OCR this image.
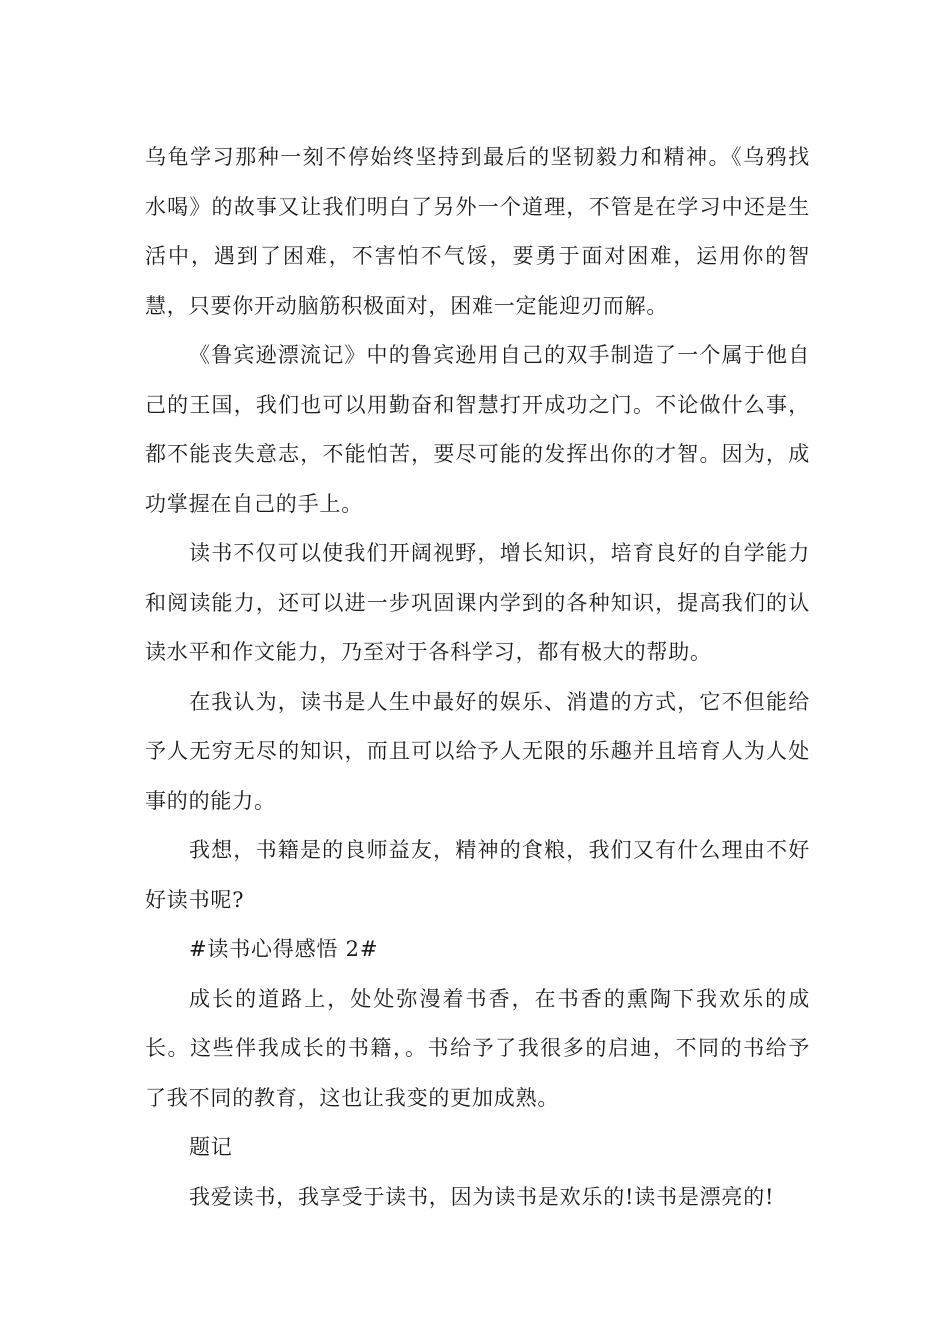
乌龟学习那种一刻不停始终坚持到最后的坚韧毅力和精神。《乌鸦找水喝》的故事又让我们明白了另外一个道理，不管是在学习中还是生活中，遇到了困难，不害怕不气馁，要勇于面对困难，运用你的智慧，只要你开动脑筋积极面对，困难一定能迎刃而解。

《鲁宾逊漂流记》中的鲁宾逊用自己的双手制造了一个属于他自己的王国，我们也可以用勤奋和智慧打开成功之门。不论做什么事，都不能丧失意志，不能怕苦，要尽可能的发挥出你的才智。因为，成功掌握在自己的手上。

读书不仅可以使我们开阔视野，增长知识，培育良好的自学能力和阅读能力，还可以进一步巩固课内学到的各种知识，提高我们的认读水平和作文能力，乃至对于各科学习，都有极大的帮助。

在我认为，读书是人生中最好的娱乐、消遣的方式，它不但能给予人无穷无尽的知识，而且可以给予人无限的乐趣并且培育人为人处事的的能力。

我想，书籍是的良师益友，精神的食粮，我们又有什么理由不好好读书呢?

#读书心得感悟 2#

成长的道路上，处处弥漫着书香，在书香的熏陶下我欢乐的成长。这些伴我成长的书籍，。书给予了我很多的启迪，不同的书给予了我不同的教育，这也让我变的更加成熟。

题记

我爱读书，我享受于读书，因为读书是欢乐的!读书是漂亮的!
